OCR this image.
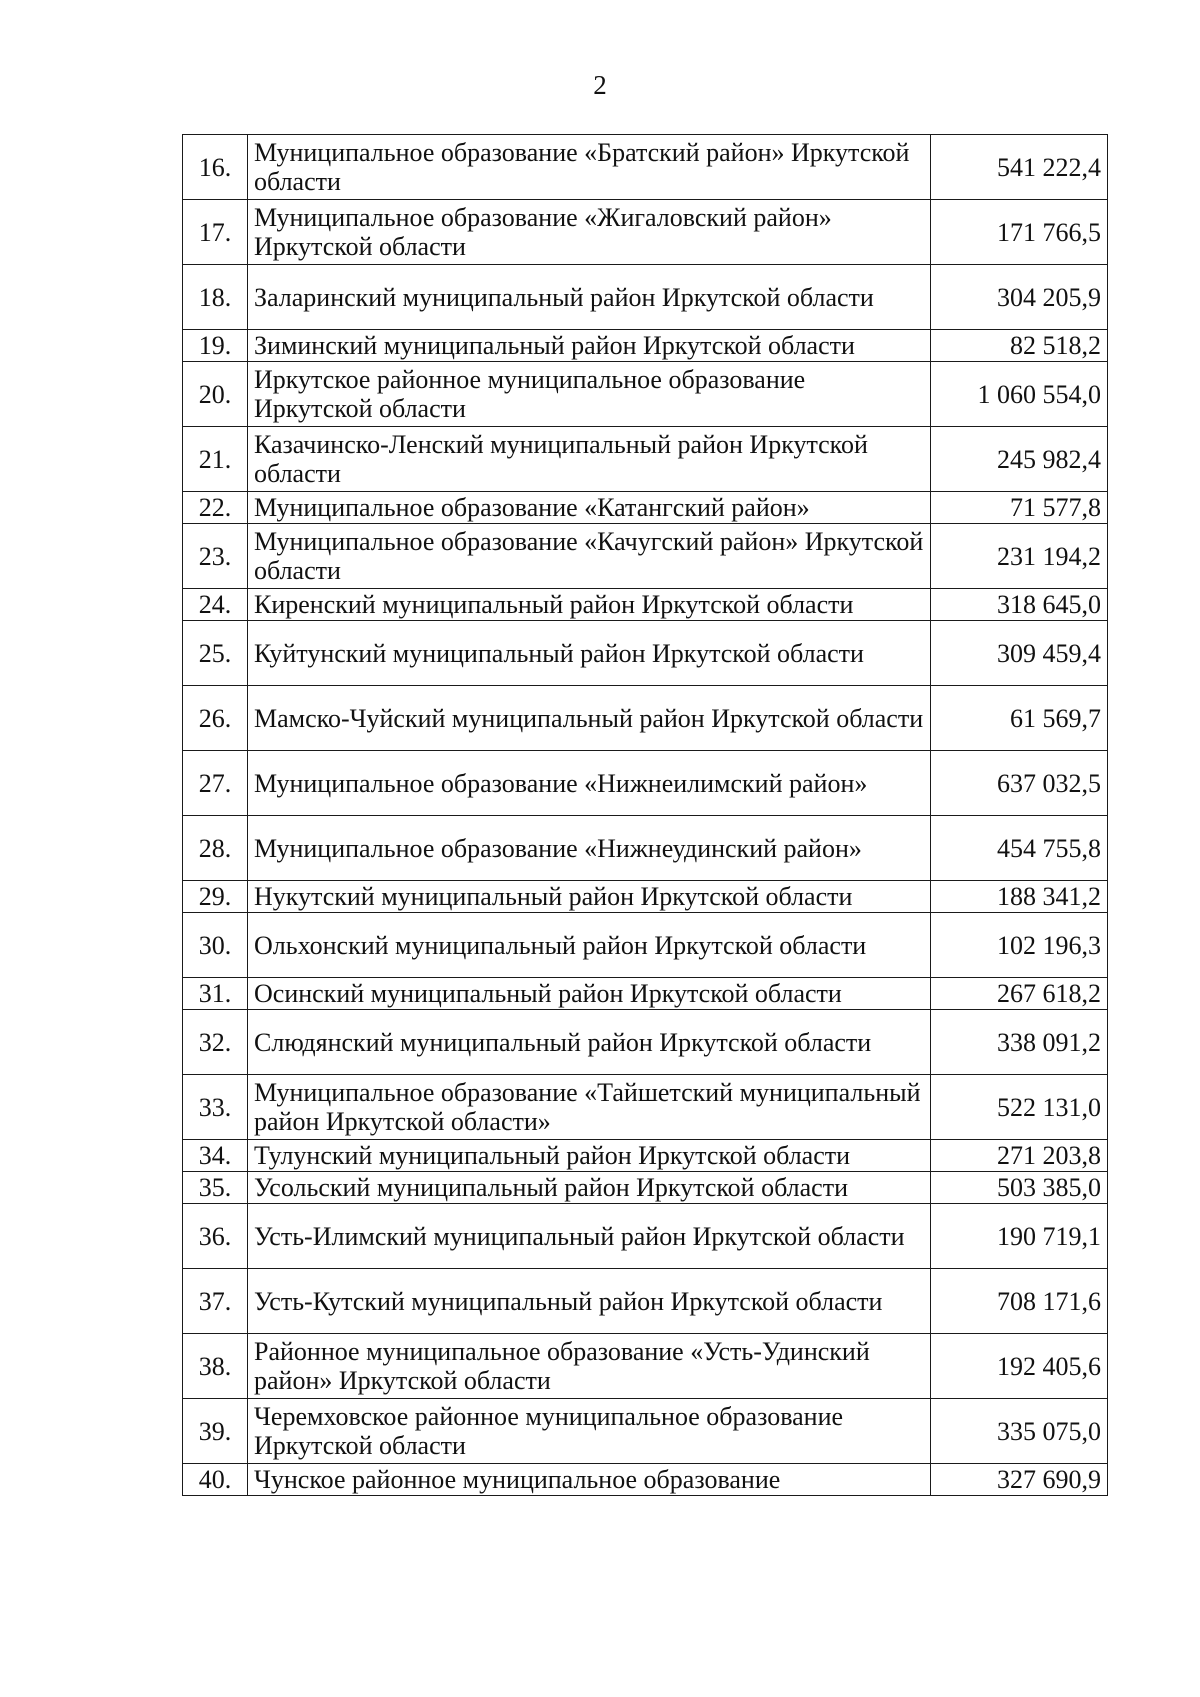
2
16.	Муниципальное образование «Братский район» Иркутской области	541 222,4
17.	Муниципальное образование «Жигаловский район» Иркутской области	171 766,5
18.	Заларинский муниципальный район Иркутской области	304 205,9
19.	Зиминский муниципальный район Иркутской области	82 518,2
20.	Иркутское районное муниципальное образование Иркутской области	1 060 554,0
21.	Казачинско-Ленский муниципальный район Иркутской области	245 982,4
22.	Муниципальное образование «Катангский район»	71 577,8
23.	Муниципальное образование «Качугский район» Иркутской области	231 194,2
24.	Киренский муниципальный район Иркутской области	318 645,0
25.	Куйтунский муниципальный район Иркутской области	309 459,4
26.	Мамско-Чуйский муниципальный район Иркутской области	61 569,7
27.	Муниципальное образование «Нижнеилимский район»	637 032,5
28.	Муниципальное образование «Нижнеудинский район»	454 755,8
29.	Нукутский муниципальный район Иркутской области	188 341,2
30.	Ольхонский муниципальный район Иркутской области	102 196,3
31.	Осинский муниципальный район Иркутской области	267 618,2
32.	Слюдянский муниципальный район Иркутской области	338 091,2
33.	Муниципальное образование «Тайшетский муниципальный район Иркутской области»	522 131,0
34.	Тулунский муниципальный район Иркутской области	271 203,8
35.	Усольский муниципальный район Иркутской области	503 385,0
36.	Усть-Илимский муниципальный район Иркутской области	190 719,1
37.	Усть-Кутский муниципальный район Иркутской области	708 171,6
38.	Районное муниципальное образование «Усть-Удинский район» Иркутской области	192 405,6
39.	Черемховское районное муниципальное образование Иркутской области	335 075,0
40.	Чунское районное муниципальное образование	327 690,9
